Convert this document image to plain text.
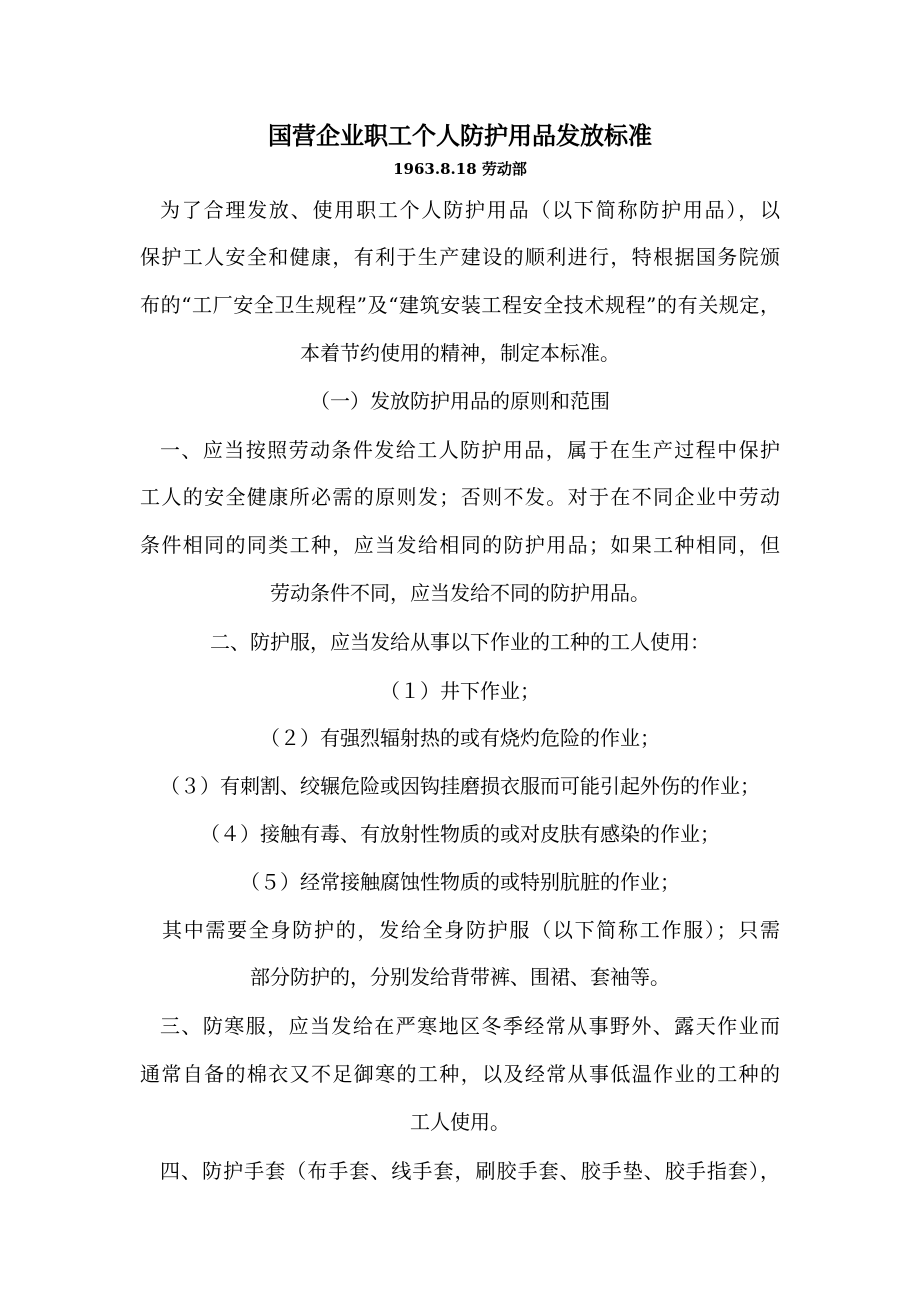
国营企业职工个人防护用品发放标准
1963.8.18 劳动部
为了合理发放、使用职工个人防护用品（以下简称防护用品），以
保护工人安全和健康，有利于生产建设的顺利进行，特根据国务院颁
布的“工厂安全卫生规程”及“建筑安装工程安全技术规程”的有关规定，
本着节约使用的精神，制定本标准。
（一）发放防护用品的原则和范围
一、应当按照劳动条件发给工人防护用品，属于在生产过程中保护
工人的安全健康所必需的原则发；否则不发。对于在不同企业中劳动
条件相同的同类工种，应当发给相同的防护用品；如果工种相同，但
劳动条件不同，应当发给不同的防护用品。
二、防护服，应当发给从事以下作业的工种的工人使用：
（１）井下作业；
（２）有强烈辐射热的或有烧灼危险的作业；
（３）有刺割、绞辗危险或因钩挂磨损衣服而可能引起外伤的作业；
（４）接触有毒、有放射性物质的或对皮肤有感染的作业；
（５）经常接触腐蚀性物质的或特别肮脏的作业；
其中需要全身防护的，发给全身防护服（以下简称工作服）；只需
部分防护的，分别发给背带裤、围裙、套袖等。
三、防寒服，应当发给在严寒地区冬季经常从事野外、露天作业而
通常自备的棉衣又不足御寒的工种，以及经常从事低温作业的工种的
工人使用。
四、防护手套（布手套、线手套，刷胶手套、胶手垫、胶手指套），
